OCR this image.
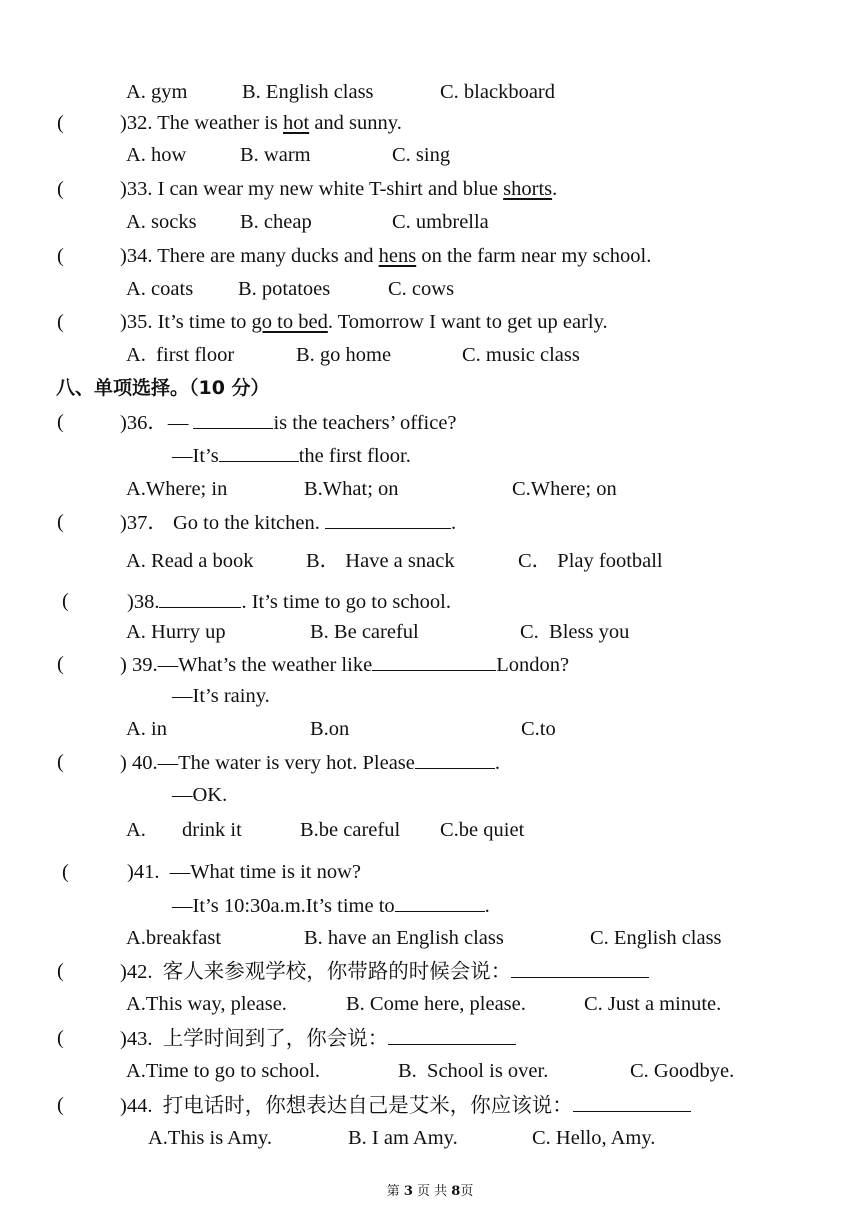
A. gym	B. English class	C. blackboard
(	)32. The weather is hot and sunny.
A. how	B. warm	C. sing
(	)33. I can wear my new white T-shirt and blue shorts.
A. socks B. cheap	C. umbrella
(	)34. There are many ducks and hens on the farm near my school.
A. coats B. potatoes	C. cows
(	)35. It’s time to go to bed. Tomorrow I want to get up early.
A.  first floor	B. go home	C. music class
八、单项选择。（10 分）
(	)36．—	is the teachers’ office?
—It’s	the first floor.
A.Where; in	B.What; on	C.Where; on
(	)37． Go to the kitchen.	.
A. Read a book	B． Have a snack	C． Play football
(	)38.	. It’s time to go to school.
A. Hurry up	B. Be careful	C.  Bless you
(	) 39.—What’s the weather like	London?
—It’s rainy.
A. in	B.on	C.to
(	) 40.—The water is very hot. Please	.
—OK.
A. drink it	B.be careful C.be quiet
(	)41.  —What time is it now?
—It’s 10:30a.m.It’s time to	.
A.breakfast	B. have an English class	C. English class
(	)42.  客人来参观学校，你带路的时候会说：
A.This way, please.	B. Come here, please.	C. Just a minute.
(	)43.  上学时间到了，你会说：
A.Time to go to school.	B.  School is over.	C. Goodbye.
(	)44.  打电话时，你想表达自己是艾米，你应该说：
A.This is Amy.	B. I am Amy.	C. Hello, Amy.
第 3 页 共 8页
